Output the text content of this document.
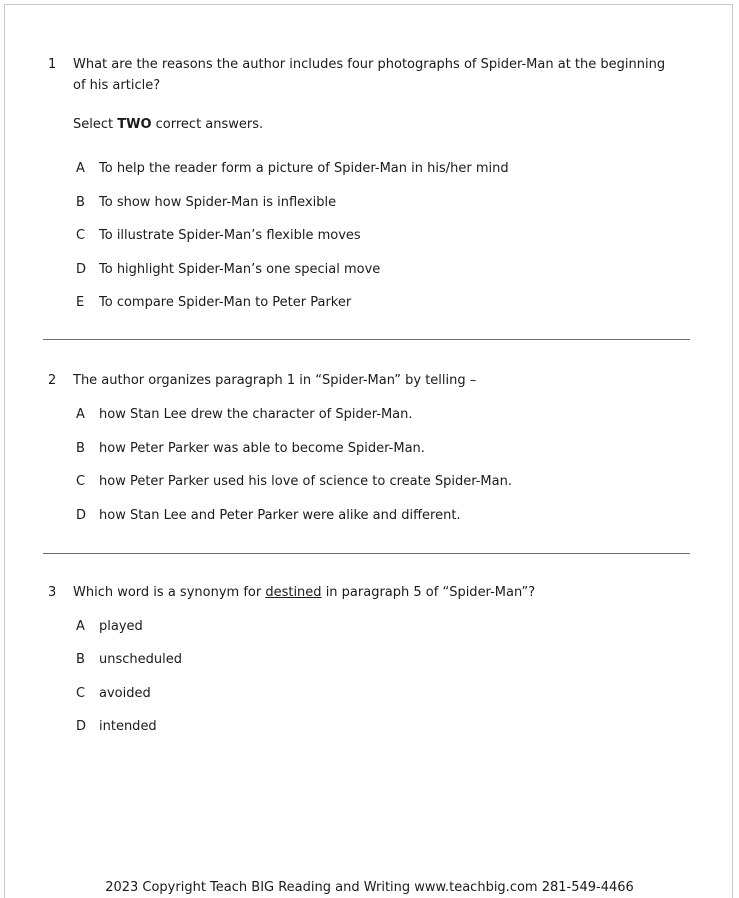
1	What are the reasons the author includes four photographs of Spider-Man at the beginning of his article?
Select TWO correct answers.
A	To help the reader form a picture of Spider-Man in his/her mind
B	To show how Spider-Man is inflexible
C	To illustrate Spider-Man’s flexible moves
D To highlight Spider-Man’s one special move
E	To compare Spider-Man to Peter Parker
2	The author organizes paragraph 1 in “Spider-Man” by telling –
A	how Stan Lee drew the character of Spider-Man.
B	how Peter Parker was able to become Spider-Man.
C	how Peter Parker used his love of science to create Spider-Man.
D how Stan Lee and Peter Parker were alike and different.
3	Which word is a synonym for destined in paragraph 5 of “Spider-Man”?
A	played
B	unscheduled
C	avoided
D intended
2023 Copyright Teach BIG Reading and Writing www.teachbig.com 281-549-4466
